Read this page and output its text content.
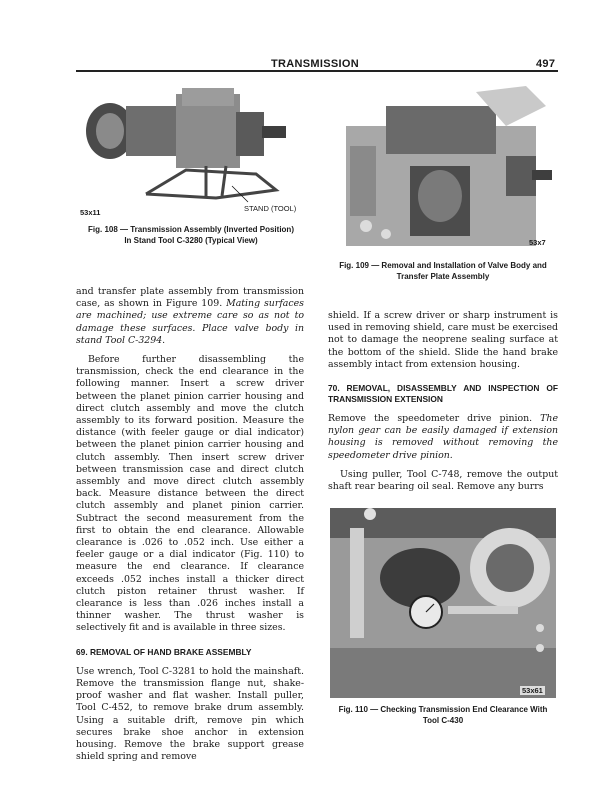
TRANSMISSION	497
53x11	STAND (TOOL)
Fig. 108 — Transmission Assembly (Inverted Position) In Stand Tool C-3280 (Typical View)	53x7
Fig. 109 — Removal and Installation of Valve Body and Transfer Plate Assembly

and transfer plate assembly from transmission case, as shown in Figure 109. Mating surfaces are machined; use extreme care so as not to damage these surfaces. Place valve body in stand Tool C-3294.

Before further disassembling the transmission, check the end clearance in the following manner. Insert a screw driver between the planet pinion carrier housing and direct clutch assembly and move the clutch assembly to its forward position. Measure the distance (with feeler gauge or dial indicator) between the planet pinion carrier housing and clutch assembly. Then insert screw driver between transmission case and direct clutch assembly and move direct clutch assembly back. Measure distance between the direct clutch assembly and planet pinion carrier. Subtract the second measurement from the first to obtain the end clearance. Allowable clearance is .026 to .052 inch. Use either a feeler gauge or a dial indicator (Fig. 110) to measure the end clearance. If clearance exceeds .052 inches install a thicker direct clutch piston retainer thrust washer. If clearance is less than .026 inches install a thinner washer. The thrust washer is selectively fit and is available in three sizes.

69. REMOVAL OF HAND BRAKE ASSEMBLY

Use wrench, Tool C-3281 to hold the mainshaft. Remove the transmission flange nut, shake-proof washer and flat washer. Install puller, Tool C-452, to remove brake drum assembly. Using a suitable drift, remove pin which secures brake shoe anchor in extension housing. Remove the brake support grease shield spring and remove

shield. If a screw driver or sharp instrument is used in removing shield, care must be exercised not to damage the neoprene sealing surface at the bottom of the shield. Slide the hand brake assembly intact from extension housing.

70. REMOVAL, DISASSEMBLY AND INSPECTION OF TRANSMISSION EXTENSION

Remove the speedometer drive pinion. The nylon gear can be easily damaged if extension housing is removed without removing the speedometer drive pinion.

Using puller, Tool C-748, remove the output shaft rear bearing oil seal. Remove any burrs

53x61
Fig. 110 — Checking Transmission End Clearance With Tool C-430
